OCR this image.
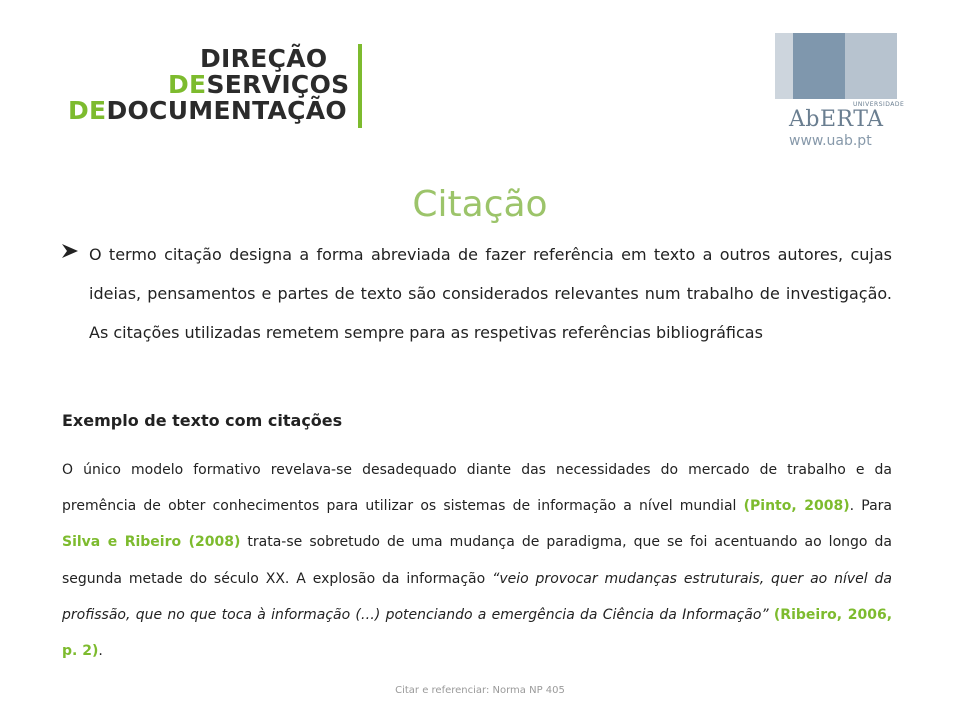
DIREÇÃO
DESERVIÇOS
DEDOCUMENTAÇÃO	UNIVERSIDADE
AbERTA
www.uab.pt
Citação
O termo citação designa a forma abreviada de fazer referência em texto a outros autores, cujas ideias, pensamentos e partes de texto são considerados relevantes num trabalho de investigação. As citações utilizadas remetem sempre para as respetivas referências bibliográficas
Exemplo de texto com citações
O único modelo formativo revelava-se desadequado diante das necessidades do mercado de trabalho e da premência de obter conhecimentos para utilizar os sistemas de informação a nível mundial (Pinto, 2008). Para Silva e Ribeiro (2008) trata-se sobretudo de uma mudança de paradigma, que se foi acentuando ao longo da segunda metade do século XX. A explosão da informação “veio provocar mudanças estruturais, quer ao nível da profissão, que no que toca à informação (…) potenciando a emergência da Ciência da Informação” (Ribeiro, 2006, p. 2).
Citar e referenciar: Norma NP 405
